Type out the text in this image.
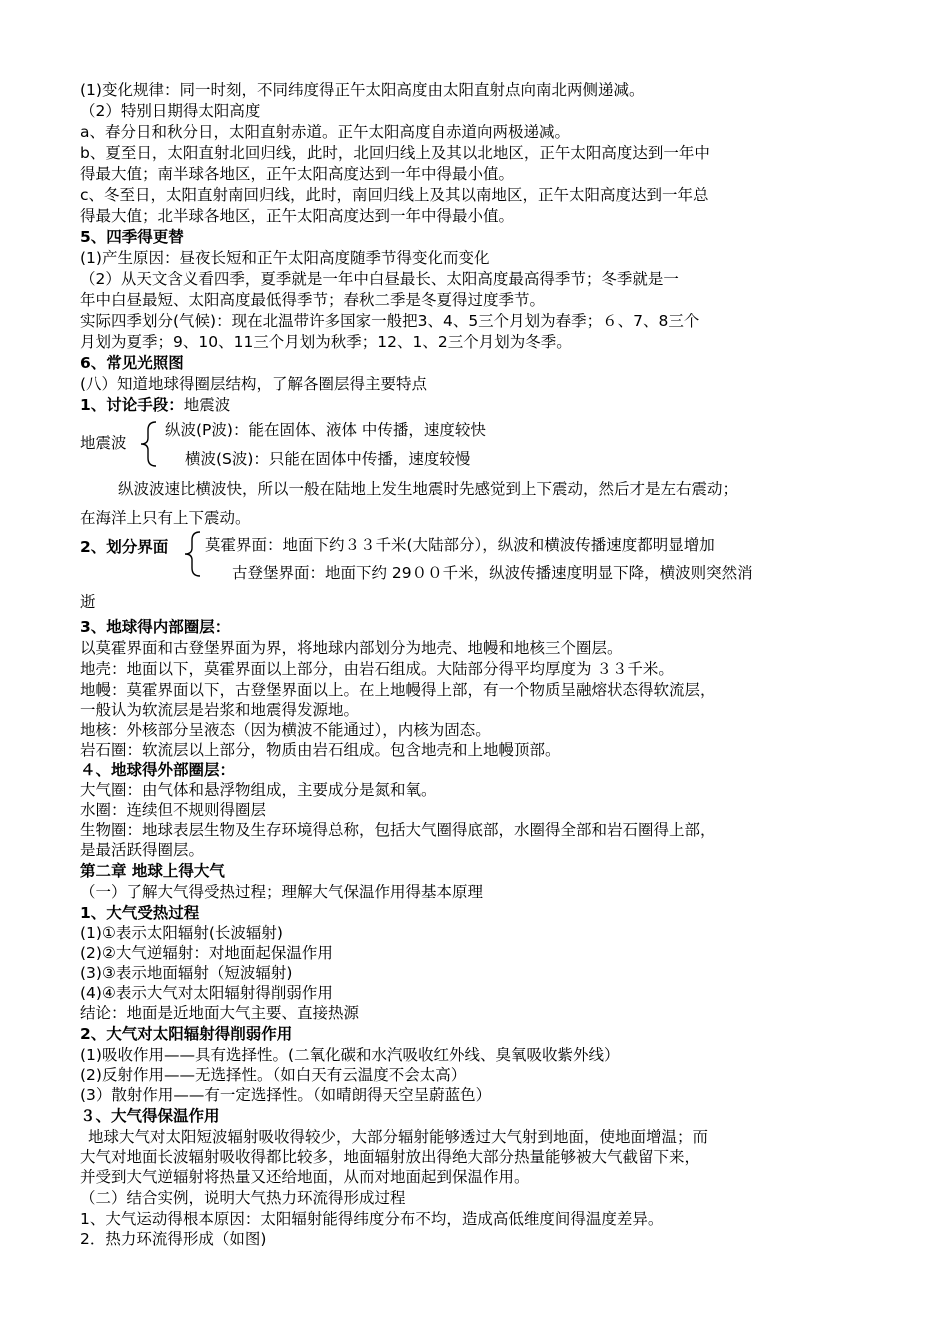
(1)变化规律：同一时刻，不同纬度得正午太阳高度由太阳直射点向南北两侧递减。
（2）特别日期得太阳高度
a、春分日和秋分日，太阳直射赤道。正午太阳高度自赤道向两极递减。
b、夏至日，太阳直射北回归线，此时，北回归线上及其以北地区，正午太阳高度达到一年中
得最大值；南半球各地区，正午太阳高度达到一年中得最小值。
c、冬至日，太阳直射南回归线，此时，南回归线上及其以南地区，正午太阳高度达到一年总
得最大值；北半球各地区，正午太阳高度达到一年中得最小值。
5、四季得更替
(1)产生原因：昼夜长短和正午太阳高度随季节得变化而变化
（2）从天文含义看四季，夏季就是一年中白昼最长、太阳高度最高得季节；冬季就是一
年中白昼最短、太阳高度最低得季节；春秋二季是冬夏得过度季节。
实际四季划分(气候)：现在北温带许多国家一般把3、4、5三个月划为春季；６、7、8三个
月划为夏季；9、10、11三个月划为秋季；12、1、2三个月划为冬季。
6、常见光照图
(八）知道地球得圈层结构，了解各圈层得主要特点
1、讨论手段：地震波
地震波
纵波(P波)：能在固体、液体 中传播，速度较快
横波(S波)：只能在固体中传播，速度较慢
纵波波速比横波快，所以一般在陆地上发生地震时先感觉到上下震动，然后才是左右震动；
在海洋上只有上下震动。
2、划分界面 莫霍界面：地面下约３３千米(大陆部分），纵波和横波传播速度都明显增加
古登堡界面：地面下约 29００千米，纵波传播速度明显下降，横波则突然消
逝
3、地球得内部圈层：
以莫霍界面和古登堡界面为界，将地球内部划分为地壳、地幔和地核三个圈层。
地壳：地面以下，莫霍界面以上部分，由岩石组成。大陆部分得平均厚度为 ３３千米。
地幔：莫霍界面以下，古登堡界面以上。在上地幔得上部，有一个物质呈融熔状态得软流层，
一般认为软流层是岩浆和地震得发源地。
地核：外核部分呈液态（因为横波不能通过），内核为固态。
岩石圈：软流层以上部分，物质由岩石组成。包含地壳和上地幔顶部。
４、地球得外部圈层：
大气圈：由气体和悬浮物组成，主要成分是氮和氧。
水圈：连续但不规则得圈层
生物圈：地球表层生物及生存环境得总称，包括大气圈得底部，水圈得全部和岩石圈得上部，
是最活跃得圈层。
第二章 地球上得大气
（一）了解大气得受热过程；理解大气保温作用得基本原理
1、大气受热过程
(1)①表示太阳辐射(长波辐射)
(2)②大气逆辐射：对地面起保温作用
(3)③表示地面辐射（短波辐射)
(4)④表示大气对太阳辐射得削弱作用
结论：地面是近地面大气主要、直接热源
2、大气对太阳辐射得削弱作用
(1)吸收作用——具有选择性。(二氧化碳和水汽吸收红外线、臭氧吸收紫外线）
(2)反射作用——无选择性。（如白天有云温度不会太高）
(3）散射作用——有一定选择性。（如晴朗得天空呈蔚蓝色）
３、大气得保温作用
地球大气对太阳短波辐射吸收得较少，大部分辐射能够透过大气射到地面，使地面增温；而
大气对地面长波辐射吸收得都比较多，地面辐射放出得绝大部分热量能够被大气截留下来，
并受到大气逆辐射将热量又还给地面，从而对地面起到保温作用。
（二）结合实例，说明大气热力环流得形成过程
1、大气运动得根本原因：太阳辐射能得纬度分布不均，造成高低维度间得温度差异。
2．热力环流得形成（如图)
